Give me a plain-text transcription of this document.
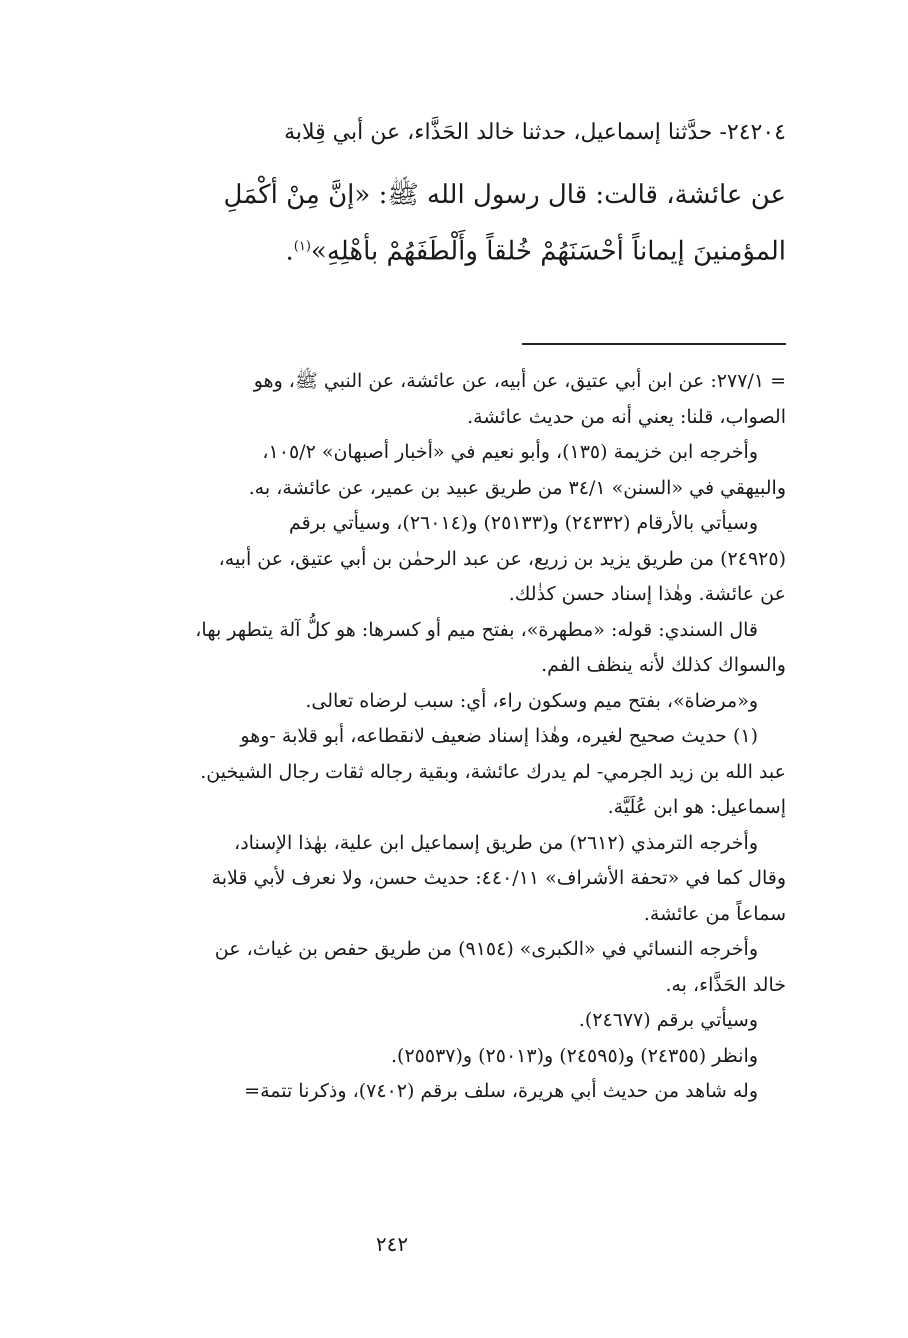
٢٤٢٠٤- حدَّثنا إسماعيل، حدثنا خالد الحَذَّاء، عن أبي قِلابة
عن عائشة، قالت: قال رسول الله ﷺ: «إنَّ مِنْ أكْمَلِ
المؤمنينَ إيماناً أحْسَنَهُمْ خُلقاً وأَلْطَفَهُمْ بأهْلِهِ»$^{(١)}$.
= ٢٧٧/١: عن ابن أبي عتيق، عن أبيه، عن عائشة، عن النبي ﷺ، وهو
الصواب، قلنا: يعني أنه من حديث عائشة.
وأخرجه ابن خزيمة (١٣٥)، وأبو نعيم في «أخبار أصبهان» ١٠٥/٢،
والبيهقي في «السنن» ٣٤/١ من طريق عبيد بن عمير، عن عائشة، به.
وسيأتي بالأرقام (٢٤٣٣٢) و(٢٥١٣٣) و(٢٦٠١٤)، وسيأتي برقم
(٢٤٩٢٥) من طريق يزيد بن زريع، عن عبد الرحمٰن بن أبي عتيق، عن أبيه،
عن عائشة. وهٰذا إسناد حسن كذٰلك.
قال السندي: قوله: «مطهرة»، بفتح ميم أو كسرها: هو كلُّ آلة يتطهر بها،
والسواك كذلك لأنه ينظف الفم.
و«مرضاة»، بفتح ميم وسكون راء، أي: سبب لرضاه تعالى.
(١) حديث صحيح لغيره، وهٰذا إسناد ضعيف لانقطاعه، أبو قلابة -وهو
عبد الله بن زيد الجرمي- لم يدرك عائشة، وبقية رجاله ثقات رجال الشيخين.
إسماعيل: هو ابن عُلَيَّة.
وأخرجه الترمذي (٢٦١٢) من طريق إسماعيل ابن علية، بهٰذا الإسناد،
وقال كما في «تحفة الأشراف» ٤٤٠/١١: حديث حسن، ولا نعرف لأبي قلابة
سماعاً من عائشة.
وأخرجه النسائي في «الكبرى» (٩١٥٤) من طريق حفص بن غياث، عن
خالد الحَذَّاء، به.
وسيأتي برقم (٢٤٦٧٧).
وانظر (٢٤٣٥٥) و(٢٤٥٩٥) و(٢٥٠١٣) و(٢٥٥٣٧).
وله شاهد من حديث أبي هريرة، سلف برقم (٧٤٠٢)، وذكرنا تتمة=
٢٤٢
